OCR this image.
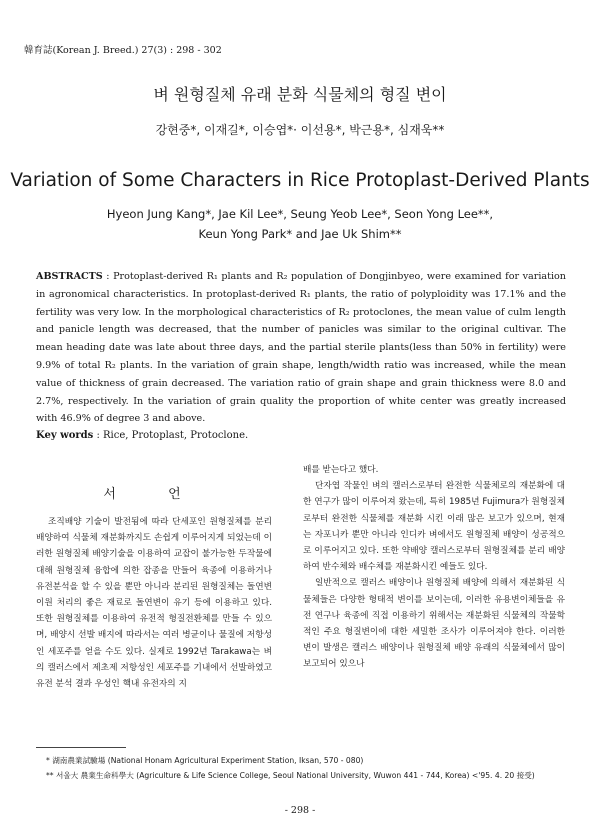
韓育誌(Korean J. Breed.) 27(3) : 298 - 302
벼 원형질체 유래 분화 식물체의 형질 변이
강현중*, 이재길*, 이승엽*· 이선용*, 박근용*, 심재욱**
Variation of Some Characters in Rice Protoplast-Derived Plants
Hyeon Jung Kang*, Jae Kil Lee*, Seung Yeob Lee*, Seon Yong Lee**,
Keun Yong Park* and Jae Uk Shim**
ABSTRACTS : Protoplast-derived R₁ plants and R₂ population of Dongjinbyeo, were examined for variation in agronomical characteristics. In protoplast-derived R₁ plants, the ratio of polyploidity was 17.1% and the fertility was very low. In the morphological characteristics of R₂ protoclones, the mean value of culm length and panicle length was decreased, that the number of panicles was similar to the original cultivar. The mean heading date was late about three days, and the partial sterile plants(less than 50% in fertility) were 9.9% of total R₂ plants. In the variation of grain shape, length/width ratio was increased, while the mean value of thickness of grain decreased. The variation ratio of grain shape and grain thickness were 8.0 and 2.7%, respectively. In the variation of grain quality the proportion of white center was greatly increased with 46.9% of degree 3 and above.
Key words : Rice, Protoplast, Protoclone.
서 언

조직배양 기술이 발전됨에 따라 단세포인 원형질체를 분리 배양하여 식물체 재분화까지도 손쉽게 이루어지게 되었는데 이러한 원형질체 배양기술을 이용하여 교잡이 불가능한 두작물에 대해 원형질체 융합에 의한 잡종을 만들어 육종에 이용하거나 유전분석을 할 수 있을 뿐만 아니라 분리된 원형질체는 돌연변이원 처리의 좋은 재료로 돌연변이 유기 등에 이용하고 있다. 또한 원형질체를 이용하여 유전적 형질전환체를 만들 수 있으며, 배양시 선발 배지에 따라서는 여러 병균이나 물질에 저항성인 세포주를 얻을 수도 있다. 실제로 1992년 Tarakawa는 벼의 캘러스에서 제초제 저항성인 세포주를 기내에서 선발하였고 유전 분석 결과 우성인 핵내 유전자의 지

배를 받는다고 했다.

단자엽 작물인 벼의 캘러스로부터 완전한 식물체로의 재분화에 대한 연구가 많이 이루어져 왔는데, 특히 1985년 Fujimura가 원형질체로부터 완전한 식물체를 재분화 시킨 이래 많은 보고가 있으며, 현재는 자포니카 뿐만 아니라 인디카 벼에서도 원형질체 배양이 성공적으로 이루어지고 있다. 또한 약배양 캘러스로부터 원형질체를 분리 배양하여 반수체와 배수체를 재분화시킨 예들도 있다.

일반적으로 캘러스 배양이나 원형질체 배양에 의해서 재분화된 식물체들은 다양한 형태적 변이를 보이는데, 이러한 유용변이체들을 유전 연구나 육종에 직접 이용하기 위해서는 재분화된 식물체의 작물학적인 주요 형질변이에 대한 세밀한 조사가 이루어져야 한다. 이러한 변이 발생은 캘러스 배양이나 원형질체 배양 유래의 식물체에서 많이 보고되어 있으나

* 湖南農業試驗場 (National Honam Agricultural Experiment Station, Iksan, 570 - 080)
** 서울大 農業生命科學大 (Agriculture & Life Science College, Seoul National University, Wuwon 441 - 744, Korea) <'95. 4. 20 接受)
- 298 -
